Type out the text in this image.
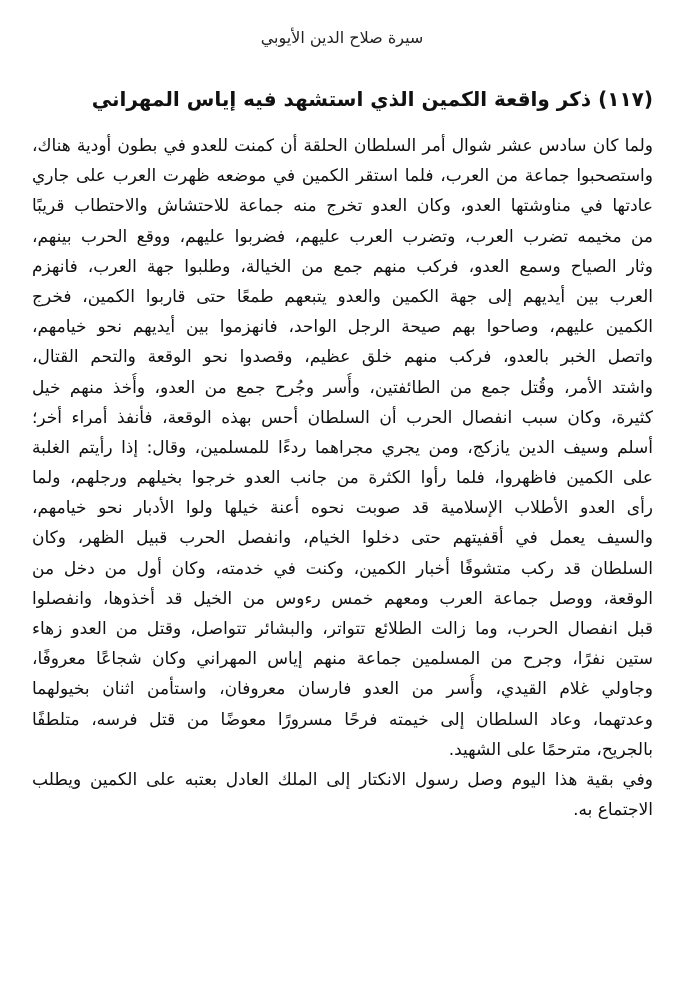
سيرة صلاح الدين الأيوبي
(١١٧) ذكر واقعة الكمين الذي استشهد فيه إياس المهراني
ولما كان سادس عشر شوال أمر السلطان الحلقة أن كمنت للعدو في بطون أودية هناك،
واستصحبوا جماعة من العرب، فلما استقر الكمين في موضعه ظهرت العرب على جاري
عادتها في مناوشتها العدو، وكان العدو تخرج منه جماعة للاحتشاش والاحتطاب قريبًا
من مخيمه تضرب العرب، وتضرب العرب عليهم، فضربوا عليهم، ووقع الحرب بينهم،
وثار الصياح وسمع العدو، فركب منهم جمع من الخيالة، وطلبوا جهة العرب، فانهزم
العرب بين أيديهم إلى جهة الكمين والعدو يتبعهم طمعًا حتى قاربوا الكمين، فخرج
الكمين عليهم، وصاحوا بهم صيحة الرجل الواحد، فانهزموا بين أيديهم نحو خيامهم،
واتصل الخبر بالعدو، فركب منهم خلق عظيم، وقصدوا نحو الوقعة والتحم القتال،
واشتد الأمر، وقُتل جمع من الطائفتين، وأُسر وجُرح جمع من العدو، وأُخذ منهم خيل
كثيرة، وكان سبب انفصال الحرب أن السلطان أحس بهذه الوقعة، فأنفذ أمراء أخر؛
أسلم وسيف الدين يازكج، ومن يجري مجراهما ردءًا للمسلمين، وقال: إذا رأيتم الغلبة
على الكمين فاظهروا، فلما رأوا الكثرة من جانب العدو خرجوا بخيلهم ورجلهم، ولما
رأى العدو الأطلاب الإسلامية قد صوبت نحوه أعنة خيلها ولوا الأدبار نحو خيامهم،
والسيف يعمل في أقفيتهم حتى دخلوا الخيام، وانفصل الحرب قبيل الظهر، وكان
السلطان قد ركب متشوفًا أخبار الكمين، وكنت في خدمته، وكان أول من دخل من
الوقعة، ووصل جماعة العرب ومعهم خمس رءوس من الخيل قد أخذوها، وانفصلوا
قبل انفصال الحرب، وما زالت الطلائع تتواتر، والبشائر تتواصل، وقتل من العدو زهاء
ستين نفرًا، وجرح من المسلمين جماعة منهم إياس المهراني وكان شجاعًا معروفًا،
وجاولي غلام القيدي، وأُسر من العدو فارسان معروفان، واستأمن اثنان بخيولهما
وعدتهما، وعاد السلطان إلى خيمته فرحًا مسرورًا معوضًا من قتل فرسه، متلطفًا
بالجريح، مترحمًا على الشهيد.
وفي بقية هذا اليوم وصل رسول الانكتار إلى الملك العادل بعتبه على الكمين ويطلب
الاجتماع به.
